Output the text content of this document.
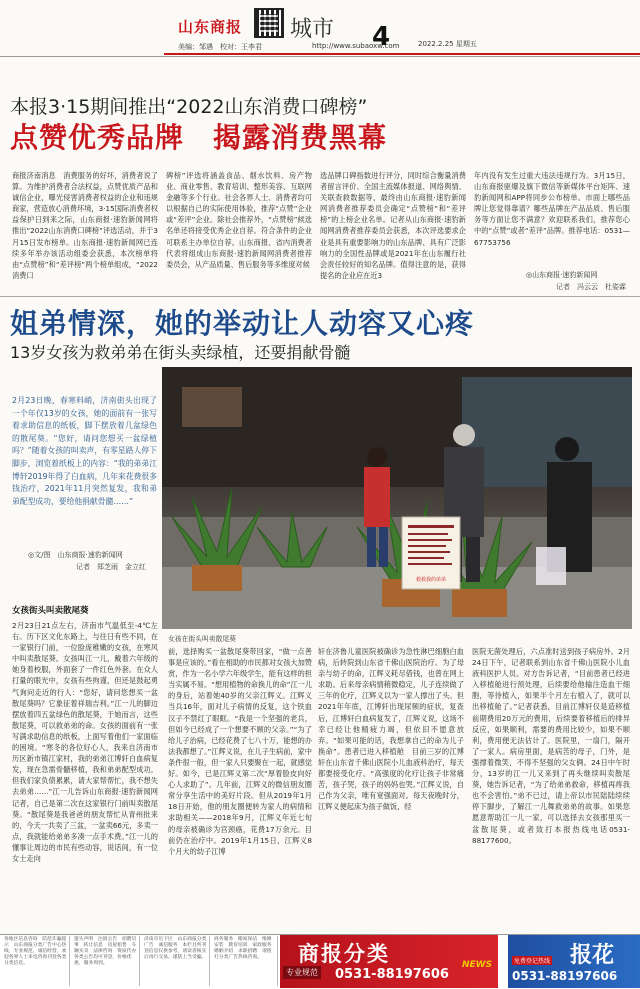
山东商报 城市
美编：邹遇　校对：王李君	http://www.subaoxw.com
4	2022.2.25 星期五
本报3·15期间推出“2022山东消费口碑榜”
点赞优秀品牌　揭露消费黑幕
商报济南消息　消费服务的好坏，消费者说了算。为维护消费者合法权益，点赞优质产品和诚信企业，曝光侵害消费者权益的企业和违规商家，营造放心消费环境，3·15国际消费者权益保护日到来之际，山东商报·速豹新闻网将推出“2022山东消费口碑榜”评选活动，并于3月15日发布榜单。山东商报·速豹新闻网已连续多年举办该活动组委会获悉，本次榜单将由“点赞榜”和“差评榜”两个榜单组成，“2022消费口
碑榜”评选将涵盖食品、烟水饮料、房产物业、商业零售、教育培训、整形美容、互联网金融等多个行业。社会各界人士、消费者均可以根据自己的实际使用体验，推荐“点赞”企业或“差评”企业。除社会推荐外，“点赞榜”候选名单还将接受优秀企业自荐。符合条件的企业可联系主办单位自荐。山东商报、省内消费者代表将组成山东商报·速豹新闻网消费者推荐委员会，从产品质量、售后服务等多维度对候
选品牌口碑指数进行评分，同时综合衡量消费者留言评价、全国主流媒体报道、网络舆情、关联查救数据等，最终由山东商报·速豹新闻网消费者推荐委员会确定“点赞榜”和“差评榜”的上榜企业名单。记者从山东商报·速豹新闻网消费者推荐委员会获悉，本次评选要求企业是具有重要影响力的山东品牌、具有广泛影响力的全国性品牌或是2021年在山东履行社会责任较好的知名品牌。值得注意的是，获得提名的企业应在近3
年内没有发生过重大违法违规行为。3月15日，山东商报驱爆及旗下微信等新媒体平台矩阵、速豹新闻网和APP将同步公布榜单。市面上哪些品牌让您觉得靠谱？哪些品牌在产品品质、售后服务等方面让您不满意？欢迎联系我们，推荐您心中的“点赞”或者“差评”品牌。推荐电话：0531—67753756
◎山东商报·速豹新闻网
记者　冯云云　杜姿霖
姐弟情深，她的举动让人动容又心疼
13岁女孩为救弟弟在街头卖绿植，还要捐献骨髓
2月23日晚，春寒料峭，济南街头出现了一个年仅13岁的女孩，她的面前有一张写着求助信息的纸板，脚下摆放着几盆绿色的散尾葵。“您好，请问您想买一盆绿植吗？”随着女孩的叫卖声，有零星路人停下脚步，浏览着纸板上的内容：“我的弟弟江博轩2019年得了白血病，几年来花费很多钱治疗，2021年11月突然复发，我和弟弟配型成功，要给他捐献骨髓……”
◎文/图　山东商报·速豹新闻网
记者　郑芝雨　金立红
救救我的弟弟
女孩在街头叫卖散尾葵
女孩街头叫卖散尾葵
2月23日21点左右，济南市气温低至-4℃左右。历下区文化东路上，与往日有些不同，在一家银行门前，一位脸庞稚嫩的女孩，在寒风中叫卖散尾葵。女孩叫江一儿，戴着六年级的她身着校服，外面套了一件红色外套。在众人打量的眼光中，女孩有些拘谨，但还是鼓起勇气询问走近的行人：“您好，请问您想买一盆散尾葵吗？它象征着祥瑞吉利。”江一儿的脚边摆放着四五盆绿色的散尾葵，于她而言，这些散尾葵，可以救弟弟的命。女孩的面前有一张写满求助信息的纸板，上面写着他们一家面临的困境。“寒冬的各位好心人，我来自济南市历区新市镇江家村，我的弟弟江博轩白血病复发，现在急需骨髓移植，我和弟弟配型成功，但我们家负债累累，请大家帮帮忙，我不想失去弟弟……”江一儿告诉山东商报·速豹新闻网记者，自己是第二次在这家银行门前叫卖散尾葵。“散尾葵是我爸爸的朋友帮忙从青州批来的，今天一共卖了三盆，一盆卖66元，多卖一点，我就能给弟弟多凑一点手术费。”江一儿的懂事让周边的市民有些动容，说话间，有一位女士走向
前，选择购买一盆散尾葵带回家，“做一点善事是应该的。”看在相助的市民都对女孩大加赞赏，作为一名小学六年级学生，能有这样的担当实属不易。“想用植物的命换儿的命”江一儿的身后，站着她40岁的父亲江辉义。江辉义当兵16年，面对儿子病情的反复，这个铁血汉子不禁红了眼眶。“我是一个坚强的老兵，但如今已经成了一个想要不顾的父亲。”“为了给儿子治病，已经花费了七八十万，能想的办法我都想了。”江辉义说，在儿子生病前，家中条件很一般，但一家人只要聚在一起，就感觉好。如今，已是江辉义第二次“厚着脸皮向好心人求助了”。几年前，江辉义的微信朋友圈常分享生活中的美好片段。但从2019年1月18日开始，他的朋友圈便转为家人的病情和求助相关——2018年9月，江辉义年近七旬的母亲被确诊为宫颈癌，花费17万余元。目前仍在治疗中。2019年1月15日，江辉义8个月大的幼子江博
轩在济鲁儿童医院被确诊为急性淋巴细胞白血病，后转院到山东省千佛山医院治疗。为了母亲与幼子的命，江辉义耗尽借钱，也曾在网上求助。后来母亲病情稍微稳定，儿子连续做了三年的化疗，江辉义以为一家人撑出了头。但2021年年底，江博轩出现尿频的症状，复查后，江博轩白血病复发了，江辉义说，这场不幸已经让他精疲力竭，但依旧不愿意放弃。“如果可能的话，我想拿自己的命为儿子换命”。患者已进入移植舱　目前三岁的江博轩在山东省千佛山医院小儿血液科治疗，每天都要接受化疗。“高强度的化疗让孩子非常痛苦，孩子哭，孩子的妈妈也哭。”江辉义说，自己作为父亲，唯有宽强面对。每天夜晚时分，江辉义便起床为孩子做饭，经
医院无菌处理后，六点准时送到孩子病房外。2月24日下午，记者联系到山东省千佛山医院小儿血液科医护人员。对方告诉记者，“目前患者已经进入移植舱进行预处理，后续要给他输注造血干细胞，等待植入，如果半个月左右植入了，就可以出移植舱了。”记者获悉，目前江博轩仅是造移植前期费用20万元的费用，后续要着移植后的排异反应，如果顺利，需要的费用比较少，如果不顺利，费用便无法估计了。医院里，一扇门，隔开了一家人。病房里面，是病苦的母子，门外，是强撑着微笑，不得不坚强的父女俩。24日中午时分，13岁的江一儿又来到了再头继续叫卖散尾葵，她告诉记者，“为了给弟弟救命，移植再疼我也不会害怕。”弟不已过，请上帝以市民陆陆续续停下脚步，了解江一儿舞救弟弟的故事。如果您愿意帮助江一儿一家，可以选择去女孩那里买一盆散尾葵，或者致打本报热线电话0531-88177600。
各地区信息咨询　防范诈骗提示　山东商报分类广告中心热线，专业规范，诚信经营，欢迎各界人士来电咨询刊登各类分类信息。
遗失声明　注销公告　招聘启事　转让信息　房屋租售　车辆买卖　法律咨询　资质代办　各类公告均可刊登，价格优惠，服务周到。
济南市历下区　山东商报分类广告　诚信服务　本栏目所刊登信息仅供参考，请读者核实后再行交易，谨防上当受骗。
商务服务　搬家保洁　维修安装　教育培训　家政服务　婚姻介绍　求职招聘　请拨打分类广告热线咨询。	商报分类
专业规范 0531-88197606
NEWS	报花
免费登记热线
0531-88197606
